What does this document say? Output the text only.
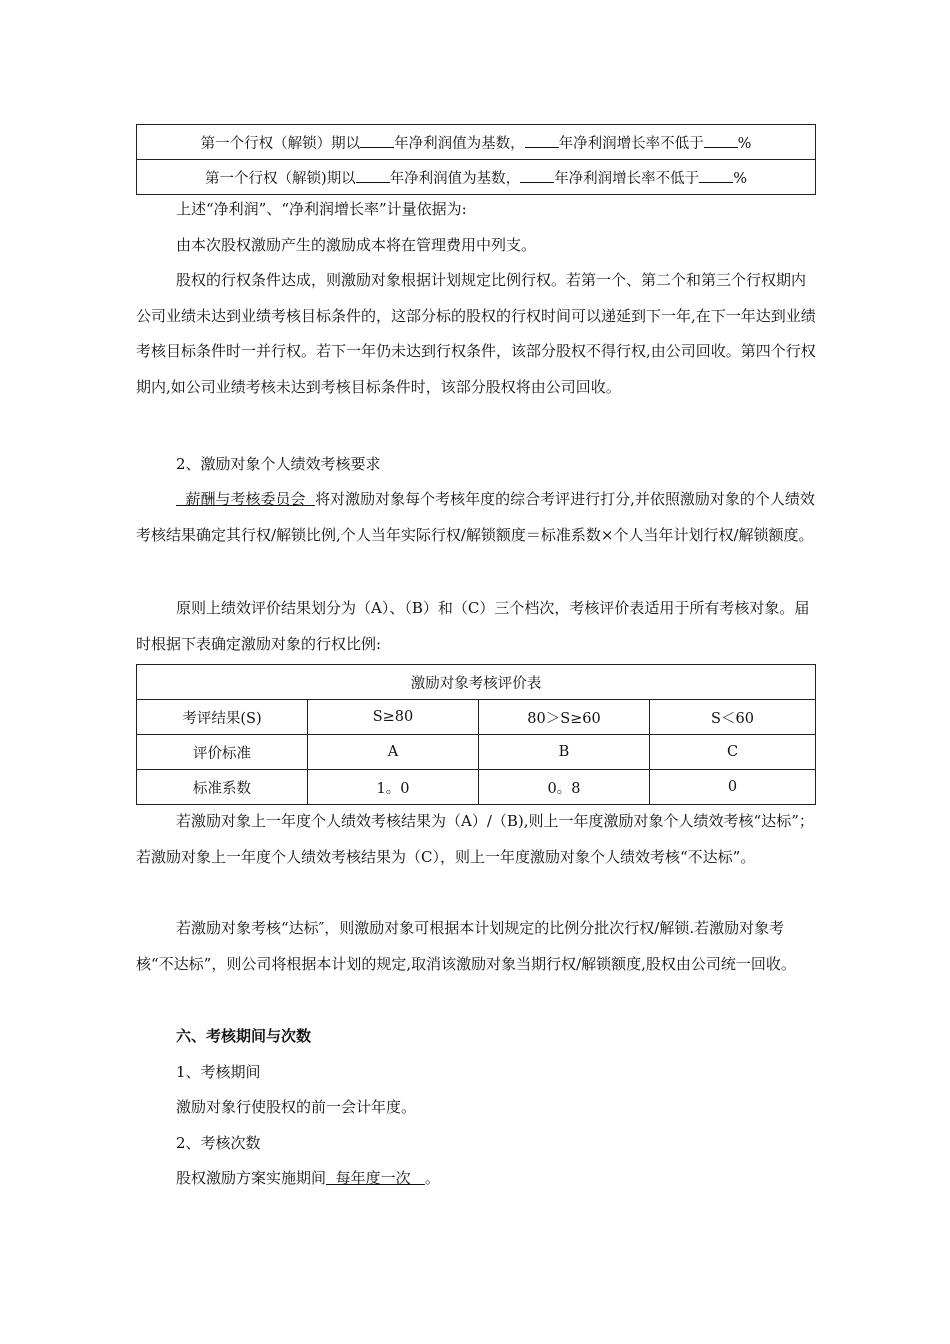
第一个行权（解锁）期以 年净利润值为基数， 年净利润增长率不低于 %
第一个行权（解锁)期以 年净利润值为基数， 年净利润增长率不低于 %
上述“净利润”、“净利润增长率”计量依据为:
由本次股权激励产生的激励成本将在管理费用中列支。
股权的行权条件达成，则激励对象根据计划规定比例行权。若第一个、第二个和第三个行权期内公司业绩未达到业绩考核目标条件的，这部分标的股权的行权时间可以递延到下一年,在下一年达到业绩考核目标条件时一并行权。若下一年仍未达到行权条件，该部分股权不得行权,由公司回收。第四个行权期内,如公司业绩考核未达到考核目标条件时，该部分股权将由公司回收。
2、激励对象个人绩效考核要求
薪酬与考核委员会 将对激励对象每个考核年度的综合考评进行打分,并依照激励对象的个人绩效考核结果确定其行权/解锁比例,个人当年实际行权/解锁额度＝标准系数×个人当年计划行权/解锁额度。
原则上绩效评价结果划分为（A）、（B）和（C）三个档次，考核评价表适用于所有考核对象。届时根据下表确定激励对象的行权比例:
激励对象考核评价表			
考评结果(S)	S≥80	80＞S≥60	S＜60
评价标准	A	B	C
标准系数	1。0	0。8	0
若激励对象上一年度个人绩效考核结果为（A）/（B),则上一年度激励对象个人绩效考核“达标”；若激励对象上一年度个人绩效考核结果为（C），则上一年度激励对象个人绩效考核“不达标”。
若激励对象考核“达标″，则激励对象可根据本计划规定的比例分批次行权/解锁.若激励对象考核“不达标”，则公司将根据本计划的规定,取消该激励对象当期行权/解锁额度,股权由公司统一回收。
六、考核期间与次数
1、考核期间
激励对象行使股权的前一会计年度。
2、考核次数
股权激励方案实施期间 每年度一次 。
